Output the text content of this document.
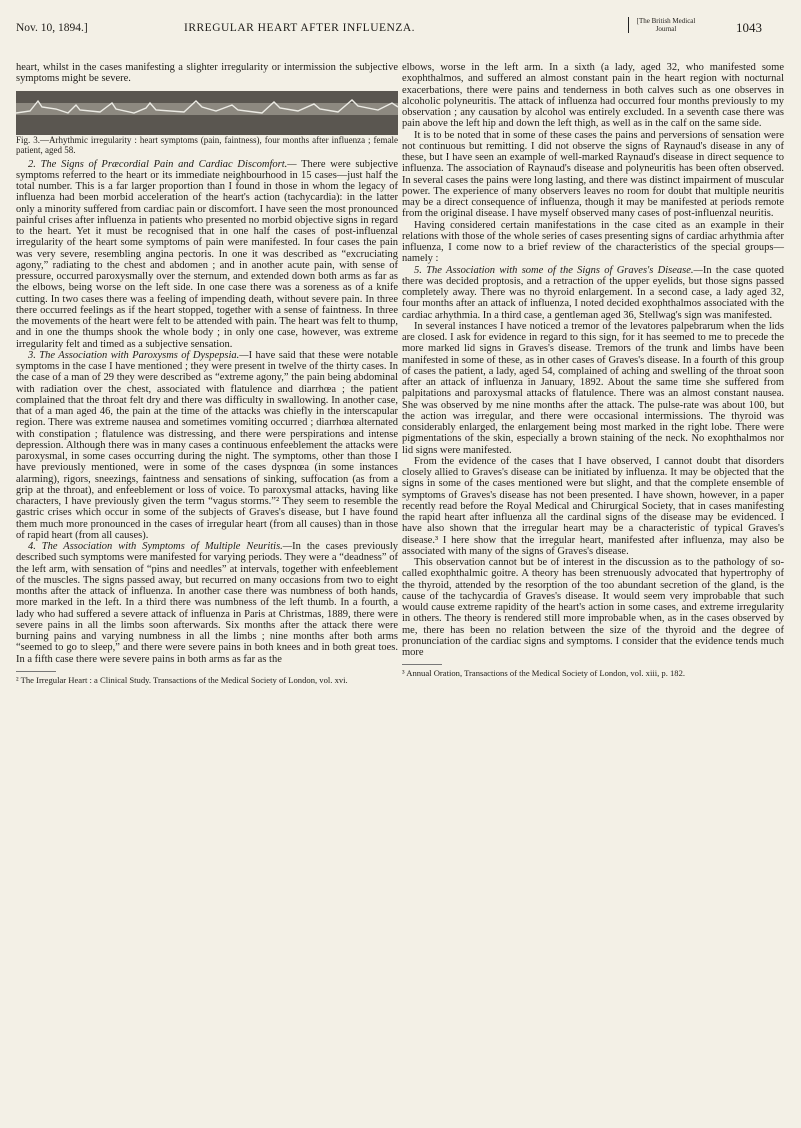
Nov. 10, 1894.]	IRREGULAR HEART AFTER INFLUENZA.
[The British Medical Journal	1043

heart, whilst in the cases manifesting a slighter irregularity or intermission the subjective symptoms might be severe.

Fig. 3.—Arhythmic irregularity : heart symptoms (pain, faintness), four months after influenza ; female patient, aged 58.

2. The Signs of Præcordial Pain and Cardiac Discomfort.— There were subjective symptoms referred to the heart or its immediate neighbourhood in 15 cases—just half the total number. This is a far larger proportion than I found in those in whom the legacy of influenza had been morbid acceleration of the heart's action (tachycardia): in the latter only a minority suffered from cardiac pain or discomfort. I have seen the most pronounced painful crises after influenza in patients who presented no morbid objective signs in regard to the heart. Yet it must be recognised that in one half the cases of post-influenzal irregularity of the heart some symptoms of pain were manifested. In four cases the pain was very severe, resembling angina pectoris. In one it was described as “excruciating agony,” radiating to the chest and abdomen ; and in another acute pain, with sense of pressure, occurred paroxysmally over the sternum, and extended down both arms as far as the elbows, being worse on the left side. In one case there was a soreness as of a knife cutting. In two cases there was a feeling of impending death, without severe pain. In three there occurred feelings as if the heart stopped, together with a sense of faintness. In three the movements of the heart were felt to be attended with pain. The heart was felt to thump, and in one the thumps shook the whole body ; in only one case, however, was extreme irregularity felt and timed as a subjective sensation.

3. The Association with Paroxysms of Dyspepsia.—I have said that these were notable symptoms in the case I have mentioned ; they were present in twelve of the thirty cases. In the case of a man of 29 they were described as “extreme agony,” the pain being abdominal with radiation over the chest, associated with flatulence and diarrhœa ; the patient complained that the throat felt dry and there was difficulty in swallowing. In another case, that of a man aged 46, the pain at the time of the attacks was chiefly in the interscapular region. There was extreme nausea and sometimes vomiting occurred ; diarrhœa alternated with constipation ; flatulence was distressing, and there were perspirations and intense depression. Although there was in many cases a continuous enfeeblement the attacks were paroxysmal, in some cases occurring during the night. The symptoms, other than those I have previously mentioned, were in some of the cases dyspnœa (in some instances alarming), rigors, sneezings, faintness and sensations of sinking, suffocation (as from a grip at the throat), and enfeeblement or loss of voice. To paroxysmal attacks, having like characters, I have previously given the term “vagus storms.”² They seem to resemble the gastric crises which occur in some of the subjects of Graves's disease, but I have found them much more pronounced in the cases of irregular heart (from all causes) than in those of rapid heart (from all causes).

4. The Association with Symptoms of Multiple Neuritis.—In the cases previously described such symptoms were manifested for varying periods. They were a “deadness” of the left arm, with sensation of “pins and needles” at intervals, together with enfeeblement of the muscles. The signs passed away, but recurred on many occasions from two to eight months after the attack of influenza. In another case there was numbness of both hands, more marked in the left. In a third there was numbness of the left thumb. In a fourth, a lady who had suffered a severe attack of influenza in Paris at Christmas, 1889, there were severe pains in all the limbs soon afterwards. Six months after the attack there were burning pains and varying numbness in all the limbs ; nine months after both arms “seemed to go to sleep,” and there were severe pains in both knees and in both great toes. In a fifth case there were severe pains in both arms as far as the

² The Irregular Heart : a Clinical Study. Transactions of the Medical Society of London, vol. xvi.

elbows, worse in the left arm. In a sixth (a lady, aged 32, who manifested some exophthalmos, and suffered an almost constant pain in the heart region with nocturnal exacerbations, there were pains and tenderness in both calves such as one observes in alcoholic polyneuritis. The attack of influenza had occurred four months previously to my observation ; any causation by alcohol was entirely excluded. In a seventh case there was pain above the left hip and down the left thigh, as well as in the calf on the same side.

It is to be noted that in some of these cases the pains and perversions of sensation were not continuous but remitting. I did not observe the signs of Raynaud's disease in any of these, but I have seen an example of well-marked Raynaud's disease in direct sequence to influenza. The association of Raynaud's disease and polyneuritis has been often observed. In several cases the pains were long lasting, and there was distinct impairment of muscular power. The experience of many observers leaves no room for doubt that multiple neuritis may be a direct consequence of influenza, though it may be manifested at periods remote from the original disease. I have myself observed many cases of post-influenzal neuritis.

Having considered certain manifestations in the case cited as an example in their relations with those of the whole series of cases presenting signs of cardiac arhythmia after influenza, I come now to a brief review of the characteristics of the special groups—namely :

5. The Association with some of the Signs of Graves's Disease.—In the case quoted there was decided proptosis, and a retraction of the upper eyelids, but those signs passed completely away. There was no thyroid enlargement. In a second case, a lady aged 32, four months after an attack of influenza, I noted decided exophthalmos associated with the cardiac arhythmia. In a third case, a gentleman aged 36, Stellwag's sign was manifested.

In several instances I have noticed a tremor of the levatores palpebrarum when the lids are closed. I ask for evidence in regard to this sign, for it has seemed to me to precede the more marked lid signs in Graves's disease. Tremors of the trunk and limbs have been manifested in some of these, as in other cases of Graves's disease. In a fourth of this group of cases the patient, a lady, aged 54, complained of aching and swelling of the throat soon after an attack of influenza in January, 1892. About the same time she suffered from palpitations and paroxysmal attacks of flatulence. There was an almost constant nausea. She was observed by me nine months after the attack. The pulse-rate was about 100, but the action was irregular, and there were occasional intermissions. The thyroid was considerably enlarged, the enlargement being most marked in the right lobe. There were pigmentations of the skin, especially a brown staining of the neck. No exophthalmos nor lid signs were manifested.

From the evidence of the cases that I have observed, I cannot doubt that disorders closely allied to Graves's disease can be initiated by influenza. It may be objected that the signs in some of the cases mentioned were but slight, and that the complete ensemble of symptoms of Graves's disease has not been presented. I have shown, however, in a paper recently read before the Royal Medical and Chirurgical Society, that in cases manifesting the rapid heart after influenza all the cardinal signs of the disease may be evidenced. I have also shown that the irregular heart may be a characteristic of typical Graves's disease.³ I here show that the irregular heart, manifested after influenza, may also be associated with many of the signs of Graves's disease.

This observation cannot but be of interest in the discussion as to the pathology of so-called exophthalmic goitre. A theory has been strenuously advocated that hypertrophy of the thyroid, attended by the resorption of the too abundant secretion of the gland, is the cause of the tachycardia of Graves's disease. It would seem very improbable that such would cause extreme rapidity of the heart's action in some cases, and extreme irregularity in others. The theory is rendered still more improbable when, as in the cases observed by me, there has been no relation between the size of the thyroid and the degree of pronunciation of the cardiac signs and symptoms. I consider that the evidence tends much more

³ Annual Oration, Transactions of the Medical Society of London, vol. xiii, p. 182.
